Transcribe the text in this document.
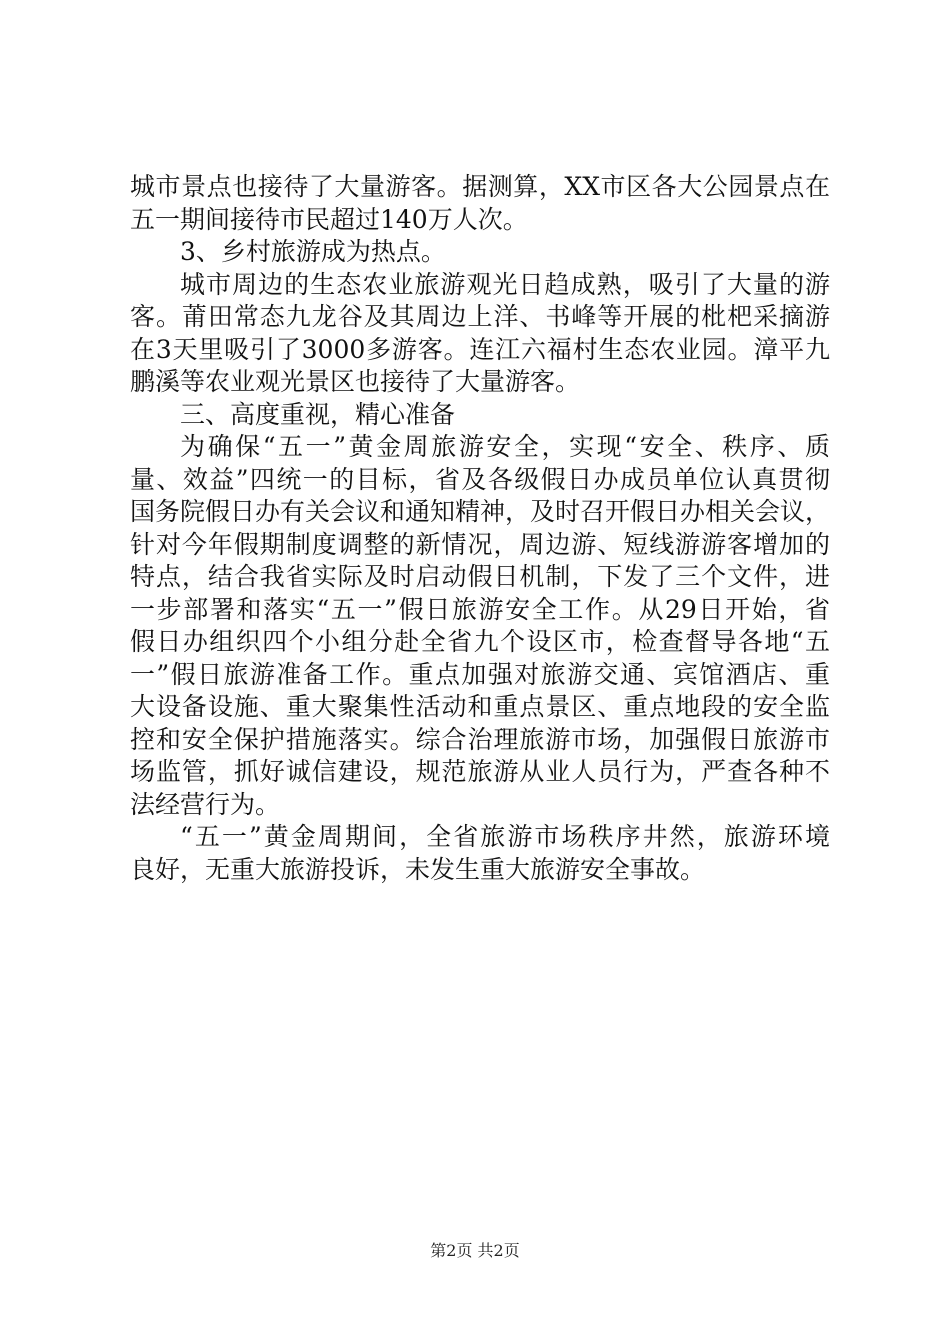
城市景点也接待了大量游客。据测算，XX市区各大公园景点在
五一期间接待市民超过140万人次。
3、乡村旅游成为热点。
城市周边的生态农业旅游观光日趋成熟，吸引了大量的游
客。莆田常态九龙谷及其周边上洋、书峰等开展的枇杷采摘游
在3天里吸引了3000多游客。连江六福村生态农业园。漳平九
鹏溪等农业观光景区也接待了大量游客。
三、高度重视，精心准备
为确保“五一”黄金周旅游安全，实现“安全、秩序、质
量、效益”四统一的目标，省及各级假日办成员单位认真贯彻
国务院假日办有关会议和通知精神，及时召开假日办相关会议，
针对今年假期制度调整的新情况，周边游、短线游游客增加的
特点，结合我省实际及时启动假日机制，下发了三个文件，进
一步部署和落实“五一”假日旅游安全工作。从29日开始，省
假日办组织四个小组分赴全省九个设区市，检查督导各地“五
一”假日旅游准备工作。重点加强对旅游交通、宾馆酒店、重
大设备设施、重大聚集性活动和重点景区、重点地段的安全监
控和安全保护措施落实。综合治理旅游市场，加强假日旅游市
场监管，抓好诚信建设，规范旅游从业人员行为，严查各种不
法经营行为。
“五一”黄金周期间，全省旅游市场秩序井然，旅游环境
良好，无重大旅游投诉，未发生重大旅游安全事故。
第2页 共2页
